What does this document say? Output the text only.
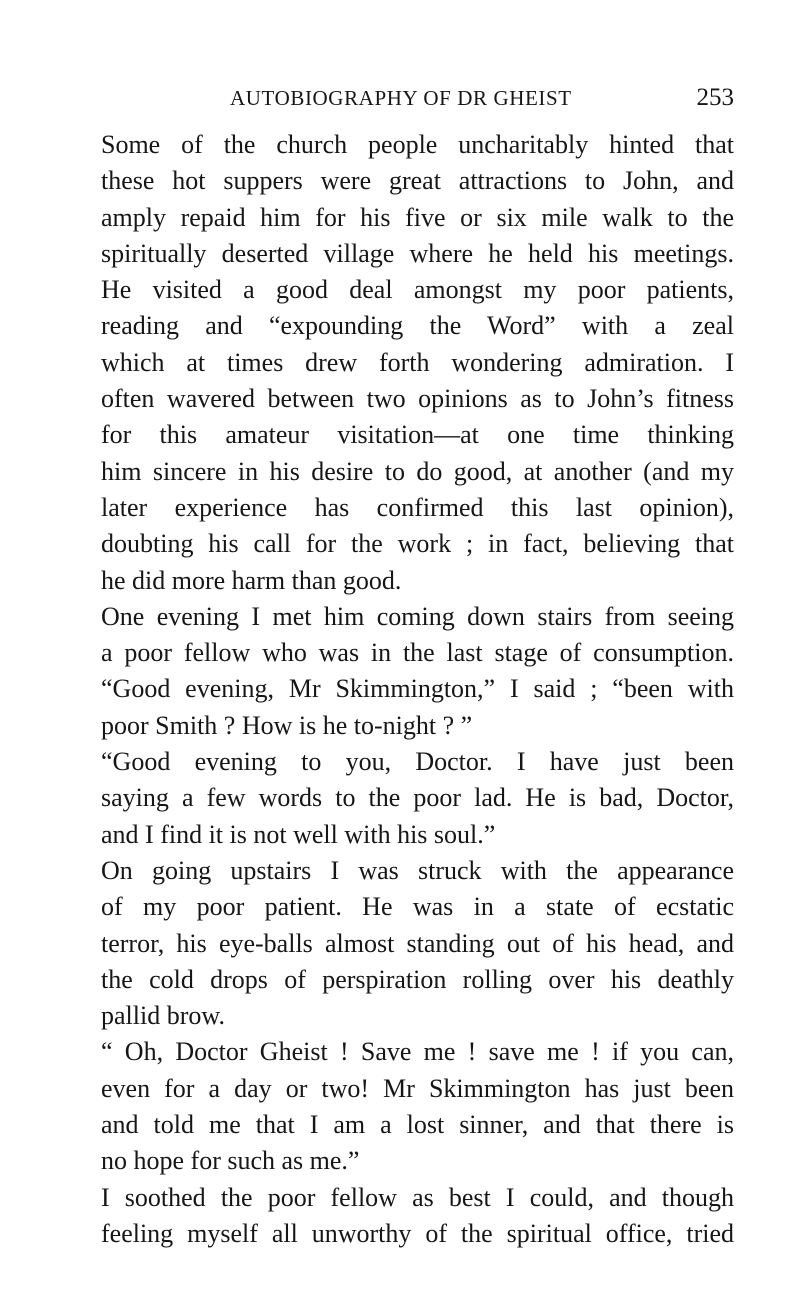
AUTOBIOGRAPHY OF DR GHEIST	253

Some of the church people uncharitably hinted that
these hot suppers were great attractions to John, and
amply repaid him for his five or six mile walk to the
spiritually deserted village where he held his meetings.

He visited a good deal amongst my poor patients,
reading and “expounding the Word” with a zeal
which at times drew forth wondering admiration. I
often wavered between two opinions as to John’s fitness
for this amateur visitation—at one time thinking
him sincere in his desire to do good, at another (and my
later experience has confirmed this last opinion),
doubting his call for the work ; in fact, believing that
he did more harm than good.

One evening I met him coming down stairs from seeing
a poor fellow who was in the last stage of consumption.
“Good evening, Mr Skimmington,” I said ; “been with
poor Smith ? How is he to-night ? ”

“Good evening to you, Doctor. I have just been
saying a few words to the poor lad. He is bad, Doctor,
and I find it is not well with his soul.”

On going upstairs I was struck with the appearance
of my poor patient. He was in a state of ecstatic
terror, his eye-balls almost standing out of his head, and
the cold drops of perspiration rolling over his deathly
pallid brow.

“ Oh, Doctor Gheist ! Save me ! save me ! if you can,
even for a day or two! Mr Skimmington has just been
and told me that I am a lost sinner, and that there is
no hope for such as me.”

I soothed the poor fellow as best I could, and though
feeling myself all unworthy of the spiritual office, tried
